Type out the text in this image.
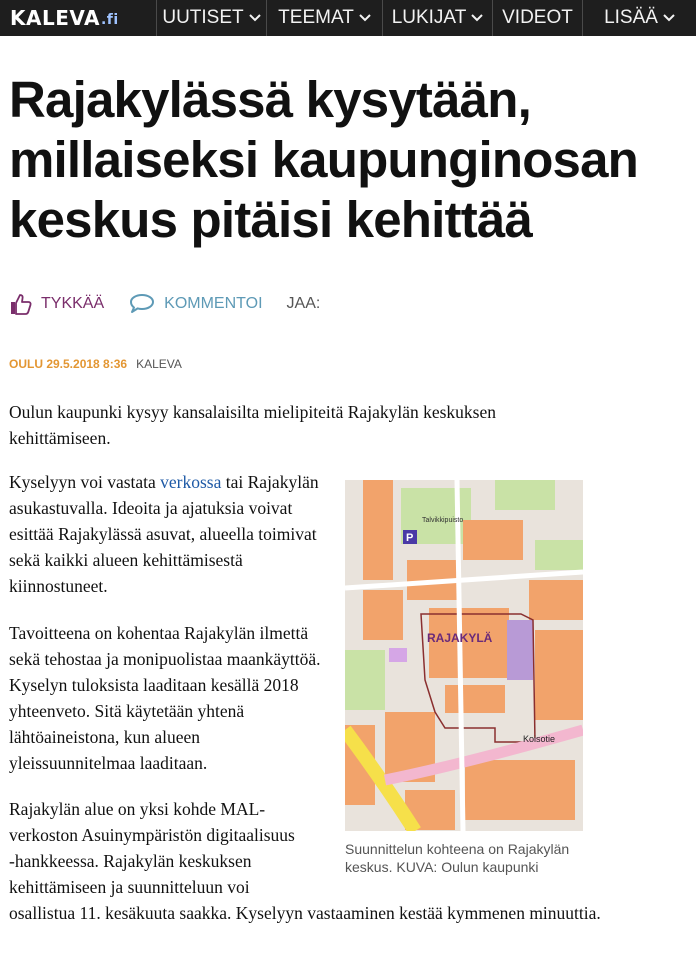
KALEVA .fi UUTISET TEEMAT LUKIJAT VIDEOT LISÄÄ
Rajakylässä kysytään, millaiseksi kaupunginosan keskus pitäisi kehittää
TYKKÄÄ	KOMMENTOI JAA:
OULU 29.5.2018 8:36 KALEVA

Oulun kaupunki kysyy kansalaisilta mielipiteitä Rajakylän keskuksen kehittämiseen.

Kyselyyn voi vastata verkossa tai Rajakylän asukastuvalla. Ideoita ja ajatuksia voivat esittää Rajakylässä asuvat, alueella toimivat sekä kaikki alueen kehittämisestä kiinnostuneet.

Tavoitteena on kohentaa Rajakylän ilmettä sekä tehostaa ja monipuolistaa maankäyttöä. Kyselyn tuloksista laaditaan kesällä 2018 yhteenveto. Sitä käytetään yhtenä lähtöaineistona, kun alueen yleissuunnitelmaa laaditaan.

RAJAKYLÄ
Talvikkipuisto
Koisotie
P
Suunnittelun kohteena on Rajakylän keskus. KUVA: Oulun kaupunki

Rajakylän alue on yksi kohde MAL-verkoston Asuinympäristön digitaalisuus -hankkeessa. Rajakylän keskuksen kehittämiseen ja suunnitteluun voi osallistua 11. kesäkuuta saakka. Kyselyyn vastaaminen kestää kymmenen minuuttia.
